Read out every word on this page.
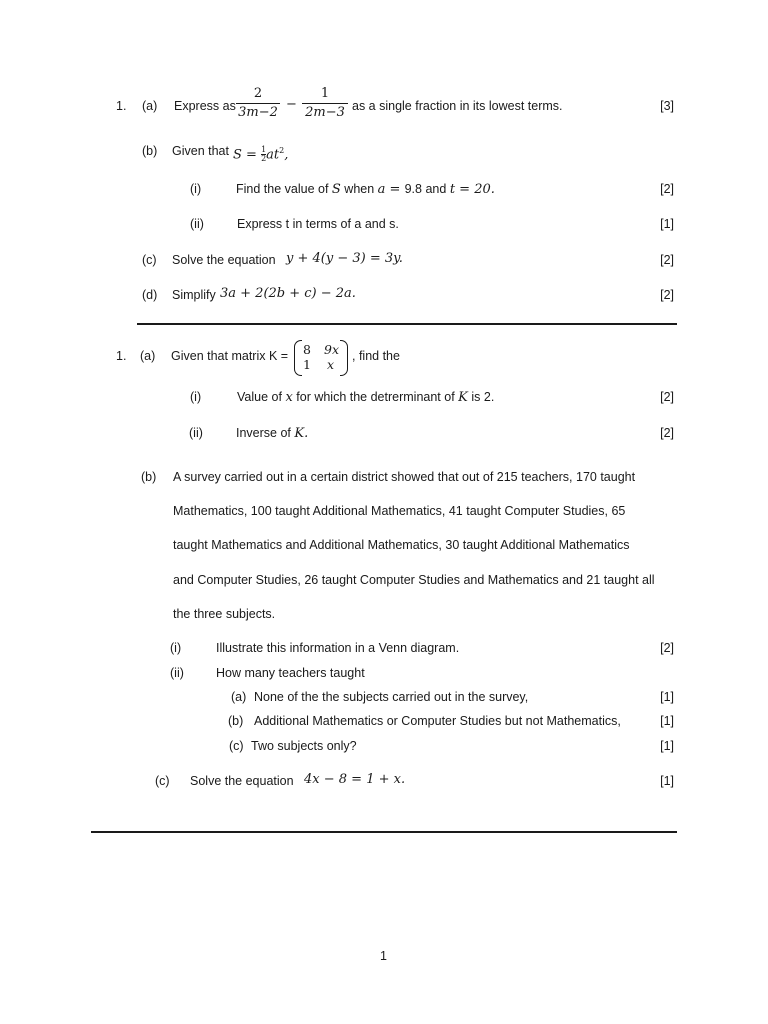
1. (a) Express as
2
3m−2
−
1
2m−3 as a single fraction in its lowest terms.	[3]
(b) Given that $S = \frac{1}{2} at^2$,
(i)	Find the value of S when a = 9.8 and t = 20.	[2]
(ii)	Express t in terms of a and s.	[1]
(c) Solve the equation y + 4(y − 3) = 3y.	[2]
(d) Simplify 3a + 2(2b + c) − 2a.	[2]
1. (a) Given that matrix K = 8 9x
1 x
, find the
(i)	Value of x for which the detrerminant of K is 2.	[2]
(ii)	Inverse of K.	[2]
(b) A survey carried out in a certain district showed that out of 215 teachers, 170 taught
Mathematics, 100 taught Additional Mathematics, 41 taught Computer Studies, 65
taught Mathematics and Additional Mathematics, 30 taught Additional Mathematics
and Computer Studies, 26 taught Computer Studies and Mathematics and 21 taught all
the three subjects.
(i)	Illustrate this information in a Venn diagram.	[2]
(ii)	How many teachers taught
(a) None of the the subjects carried out in the survey,	[1]
(b) Additional Mathematics or Computer Studies but not Mathematics,	[1]
(c) Two subjects only?	[1]
(c) Solve the equation 4x − 8 = 1 + x.	[1]
1
